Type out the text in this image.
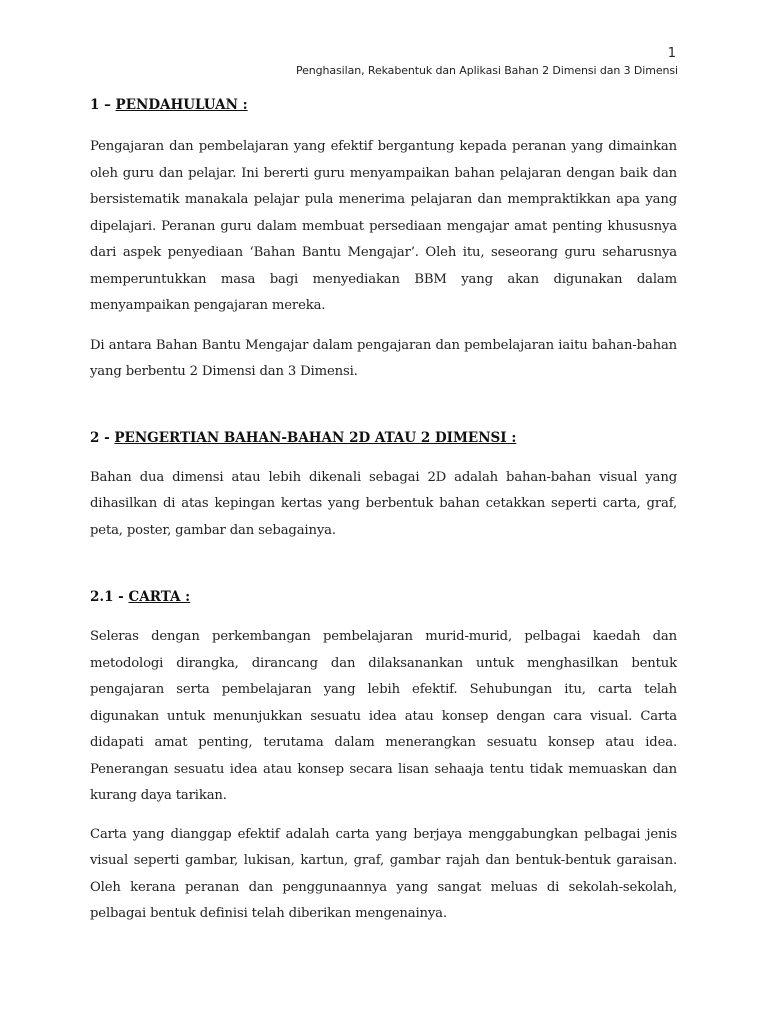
1
Penghasilan, Rekabentuk dan Aplikasi Bahan 2 Dimensi dan 3 Dimensi
1 – PENDAHULUAN :

Pengajaran dan pembelajaran yang efektif bergantung kepada peranan yang dimainkan oleh guru dan pelajar. Ini bererti guru menyampaikan bahan pelajaran dengan baik dan bersistematik manakala pelajar pula menerima pelajaran dan mempraktikkan apa yang dipelajari. Peranan guru dalam membuat persediaan mengajar amat penting khususnya dari aspek penyediaan ‘Bahan Bantu Mengajar’. Oleh itu, seseorang guru seharusnya memperuntukkan masa bagi menyediakan BBM yang akan digunakan dalam menyampaikan pengajaran mereka.

Di antara Bahan Bantu Mengajar dalam pengajaran dan pembelajaran iaitu bahan-bahan yang berbentu 2 Dimensi dan 3 Dimensi.

2 - PENGERTIAN BAHAN-BAHAN 2D ATAU 2 DIMENSI :

Bahan dua dimensi atau lebih dikenali sebagai 2D adalah bahan-bahan visual yang dihasilkan di atas kepingan kertas yang berbentuk bahan cetakkan seperti carta, graf, peta, poster, gambar dan sebagainya.

2.1 - CARTA :

Seleras dengan perkembangan pembelajaran murid-murid, pelbagai kaedah dan metodologi dirangka, dirancang dan dilaksanankan untuk menghasilkan bentuk pengajaran serta pembelajaran yang lebih efektif. Sehubungan itu, carta telah digunakan untuk menunjukkan sesuatu idea atau konsep dengan cara visual. Carta didapati amat penting, terutama dalam menerangkan sesuatu konsep atau idea. Penerangan sesuatu idea atau konsep secara lisan sehaaja tentu tidak memuaskan dan kurang daya tarikan.

Carta yang dianggap efektif adalah carta yang berjaya menggabungkan pelbagai jenis visual seperti gambar, lukisan, kartun, graf, gambar rajah dan bentuk-bentuk garaisan. Oleh kerana peranan dan penggunaannya yang sangat meluas di sekolah-sekolah, pelbagai bentuk definisi telah diberikan mengenainya.
